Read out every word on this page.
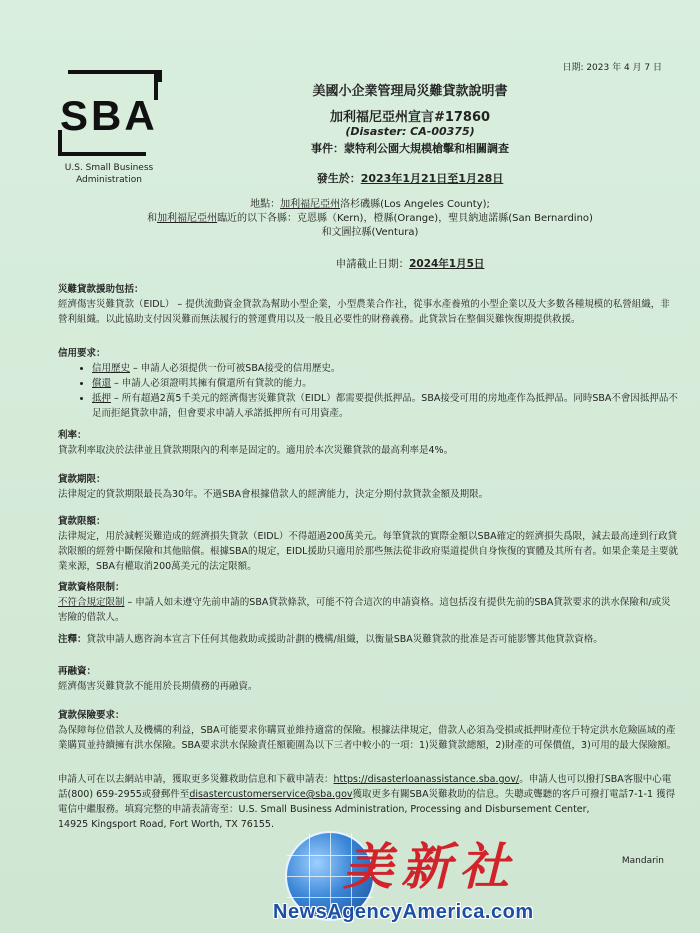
日期: 2023 年 4 月 7 日
SBA
U.S. Small Business
Administration
美國小企業管理局災難貸款說明書
加利福尼亞州宣言#17860
(Disaster: CA-00375)
事件：蒙特利公園大規模槍擊和相關調查
發生於：2023年1月21日至1月28日
地點：加利福尼亞州洛杉磯縣(Los Angeles County);
和加利福尼亞州臨近的以下各縣：克恩縣（Kern)，橙縣(Orange)，聖貝納迪諾縣(San Bernardino)
和文圖拉縣(Ventura)
申請截止日期：2024年1月5日
災難貸款援助包括：
經濟傷害災難貸款（EIDL） – 提供流動資金貸款為幫助小型企業，小型農業合作社，從事水產養殖的小型企業以及大多數各種規模的私營組織，非營利組織。以此協助支付因災難而無法履行的營運費用以及一般且必要性的財務義務。此貸款旨在整個災難恢復期提供救援。
信用要求：
• 信用歷史 – 申請人必須提供一份可被SBA接受的信用歷史。
• 償還 – 申請人必須證明其擁有償還所有貸款的能力。
• 抵押 – 所有超過2萬5千美元的經濟傷害災難貸款（EIDL）都需要提供抵押品。SBA接受可用的房地產作為抵押品。同時SBA不會因抵押品不足而拒絕貸款申請，但會要求申請人承諾抵押所有可用資產。
利率：
貸款利率取決於法律並且貸款期限內的利率是固定的。適用於本次災難貸款的最高利率是4%。
貸款期限：
法律規定的貸款期限最長為30年。不過SBA會根據借款人的經濟能力，決定分期付款貸款金額及期限。
貸款限額：
法律規定，用於減輕災難造成的經濟損失貸款（EIDL）不得超過200萬美元。每筆貸款的實際金額以SBA確定的經濟損失爲限，減去最高達到行政貸款限額的經營中斷保險和其他賠償。根據SBA的規定，EIDL援助只適用於那些無法從非政府渠道提供自身恢復的實體及其所有者。如果企業是主要就業來源，SBA有權取消200萬美元的法定限額。
貸款資格限制：
不符合規定限制 – 申請人如未遵守先前申請的SBA貸款條款，可能不符合這次的申請資格。這包括沒有提供先前的SBA貸款要求的洪水保險和/或災害險的借款人。
注釋：貸款申請人應咨詢本宣言下任何其他救助或援助計劃的機構/組織，以衡量SBA災難貸款的批准是否可能影響其他貸款資格。
再融資：
經濟傷害災難貸款不能用於長期債務的再融資。
貸款保險要求：
為保障每位借款人及機構的利益，SBA可能要求你購買並維持適當的保險。根據法律規定，借款人必須為受損或抵押財產位于特定洪水危險區域的產業購買並持續擁有洪水保險。SBA要求洪水保險責任額範圍為以下三者中較小的一項：1)災難貸款總額，2)財產的可保價值，3)可用的最大保險額。
申請人可在以去網站申請，獲取更多災難救助信息和下載申請表：https://disasterloanassistance.sba.gov/。申請人也可以撥打SBA客服中心電話(800) 659-2955或發郵件至disastercustomerservice@sba.gov獲取更多有關SBA災難救助的信息。失聰或聾聽的客戶可撥打電話7-1-1 獲得電信中繼服務。填寫完整的申請表請寄至：U.S. Small Business Administration, Processing and Disbursement Center,
14925 Kingsport Road, Fort Worth, TX 76155.
Mandarin
美新社
NewsAgencyAmerica.com
